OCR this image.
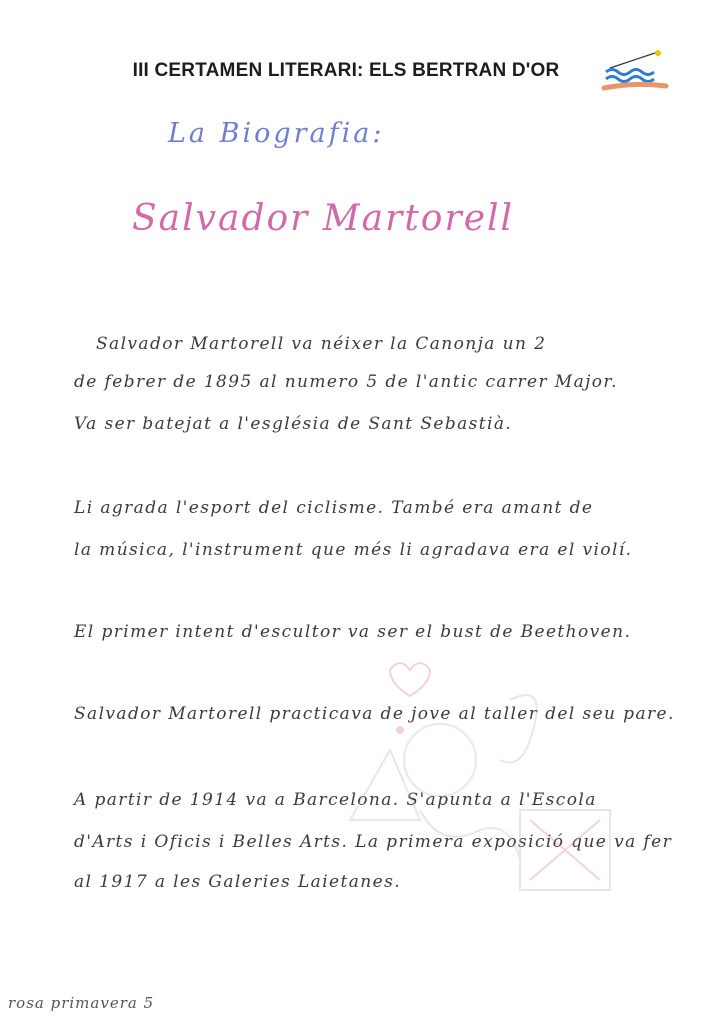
III CERTAMEN LITERARI: ELS BERTRAN D'OR
La Biografia:
Salvador Martorell
Salvador Martorell va néixer la Canonja un 2
de febrer de 1895 al numero 5 de l'antic carrer Major.
Va ser batejat a l'església de Sant Sebastià.
Li agrada l'esport del ciclisme. També era amant de
la música, l'instrument que més li agradava era el violí.
El primer intent d'escultor va ser el bust de Beethoven.
Salvador Martorell practicava de jove al taller del seu pare.
A partir de 1914 va a Barcelona. S'apunta a l'Escola
d'Arts i Oficis i Belles Arts. La primera exposició que va fer
al 1917 a les Galeries Laietanes.
rosa primavera 5
